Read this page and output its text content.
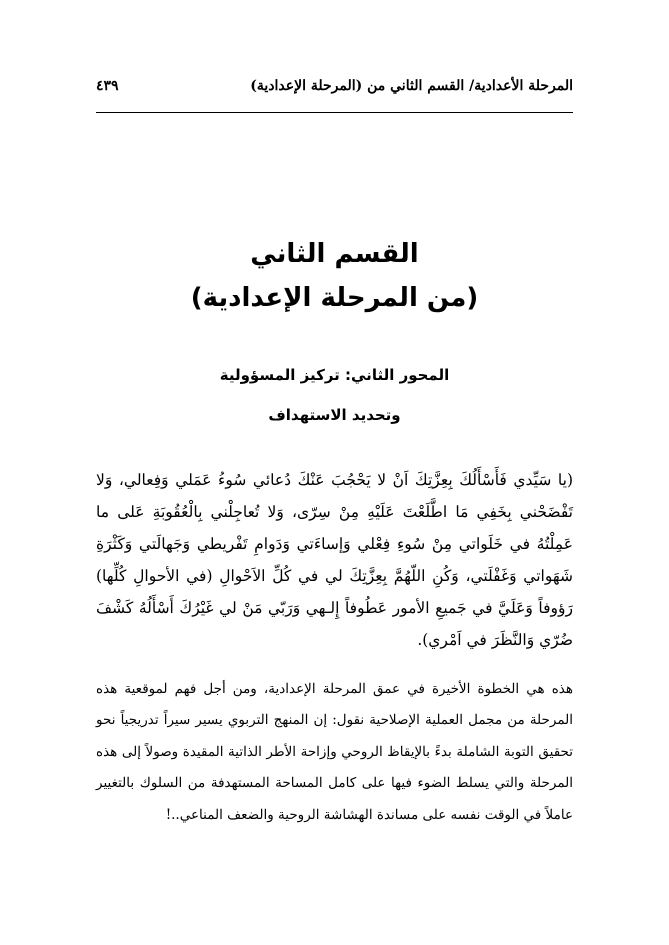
المرحلة الأعدادية/ القسم الثاني من (المرحلة الإعدادية)
٤٣٩
القسم الثاني
(من المرحلة الإعدادية)
المحور الثاني: تركيز المسؤولية
وتحديد الاستهداف

(يا سَيِّدي فَأَسْأَلُكَ بِعِزَّتِكَ اَنْ لا يَحْجُبَ عَنْكَ دُعائي سُوءُ عَمَلي وَفِعالي، وَلا تَفْضَحْني بِخَفِي مَا اطَّلَعْتَ عَلَيْهِ مِنْ سِرّى، وَلا تُعاجِلْني بِالْعُقُوبَةِ عَلى ما عَمِلْتُهُ في خَلَواتي مِنْ سُوءِ فِعْلي وَإساءَتي وَدَوامِ تَفْريطي وَجَهالَتي وَكَثْرَةِ شَهَواتي وَغَفْلَتي، وَكُنِ اللّهُمَّ بِعِزَّتِكَ لي في كُلِّ الاَحْوالِ (في الأحوالِ كُلِّها) رَؤوفاً وَعَلَيَّ في جَميعِ الأمور عَطُوفاً إِلـهي وَرَبّي مَنْ لي غَيْرُكَ أَسْأَلُهُ كَشْفَ ضُرّي وَالنَّظَرَ في اَمْري).

هذه هي الخطوة الأخيرة في عمق المرحلة الإعدادية، ومن أجل فهم لموقعية هذه المرحلة من مجمل العملية الإصلاحية نقول: إن المنهج التربوي يسير سيراً تدريجياً نحو تحقيق التوبة الشاملة بدءً بالإيقاظ الروحي وإزاحة الأطر الذاتية المقيدة وصولاً إلى هذه المرحلة والتي يسلط الضوء فيها على كامل المساحة المستهدفة من السلوك بالتغيير عاملاً في الوقت نفسه على مساندة الهشاشة الروحية والضعف المناعي..!
